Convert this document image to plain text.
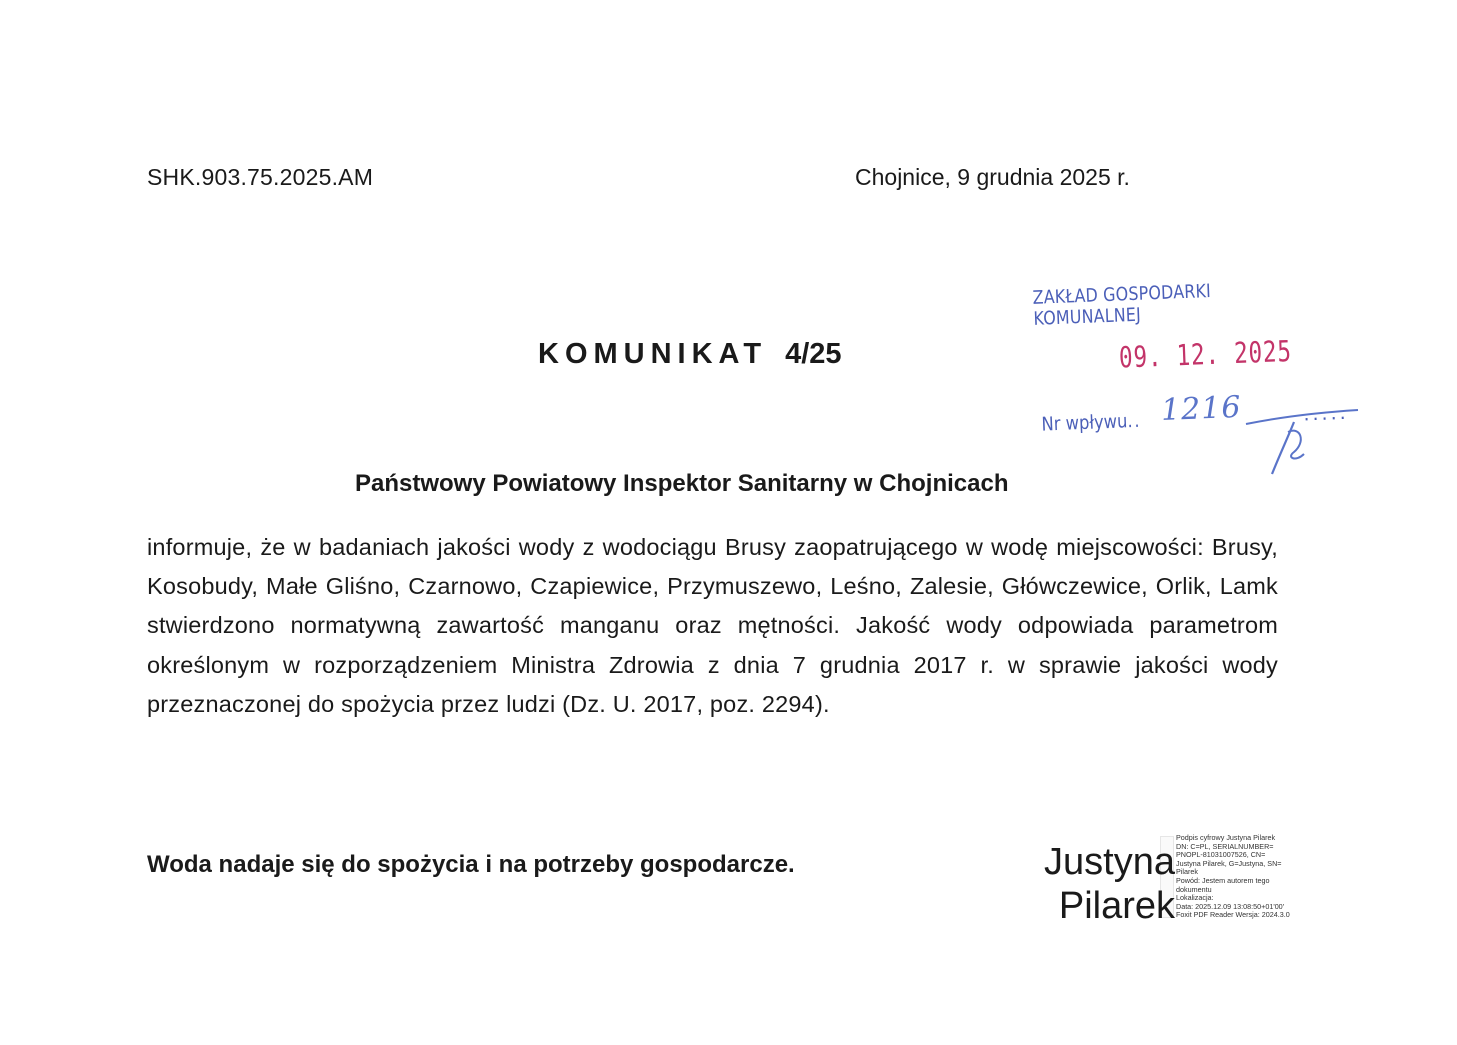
SHK.903.75.2025.AM	Chojnice, 9 grudnia 2025 r.
ZAKŁAD GOSPODARKI KOMUNALNEJ
09. 12. 2025
Nr wpływu.. 1216	.....
KOMUNIKAT 4/25
Państwowy Powiatowy Inspektor Sanitarny w Chojnicach
informuje, że w badaniach jakości wody z wodociągu Brusy zaopatrującego w wodę miejscowości: Brusy, Kosobudy, Małe Gliśno, Czarnowo, Czapiewice, Przymuszewo, Leśno, Zalesie, Główczewice, Orlik, Lamk stwierdzono normatywną zawartość manganu oraz mętności. Jakość wody odpowiada parametrom określonym w rozporządzeniem Ministra Zdrowia z dnia 7 grudnia 2017 r. w sprawie jakości wody przeznaczonej do spożycia przez ludzi (Dz. U. 2017, poz. 2294).
Woda nadaje się do spożycia i na potrzeby gospodarcze.	Justyna
Pilarek
Podpis cyfrowy Justyna Pilarek
DN: C=PL, SERIALNUMBER=
PNOPL-81031007526, CN=
Justyna Pilarek, G=Justyna, SN=
Pilarek
Powód: Jestem autorem tego
dokumentu
Lokalizacja:
Data: 2025.12.09 13:08:50+01'00'
Foxit PDF Reader Wersja: 2024.3.0
